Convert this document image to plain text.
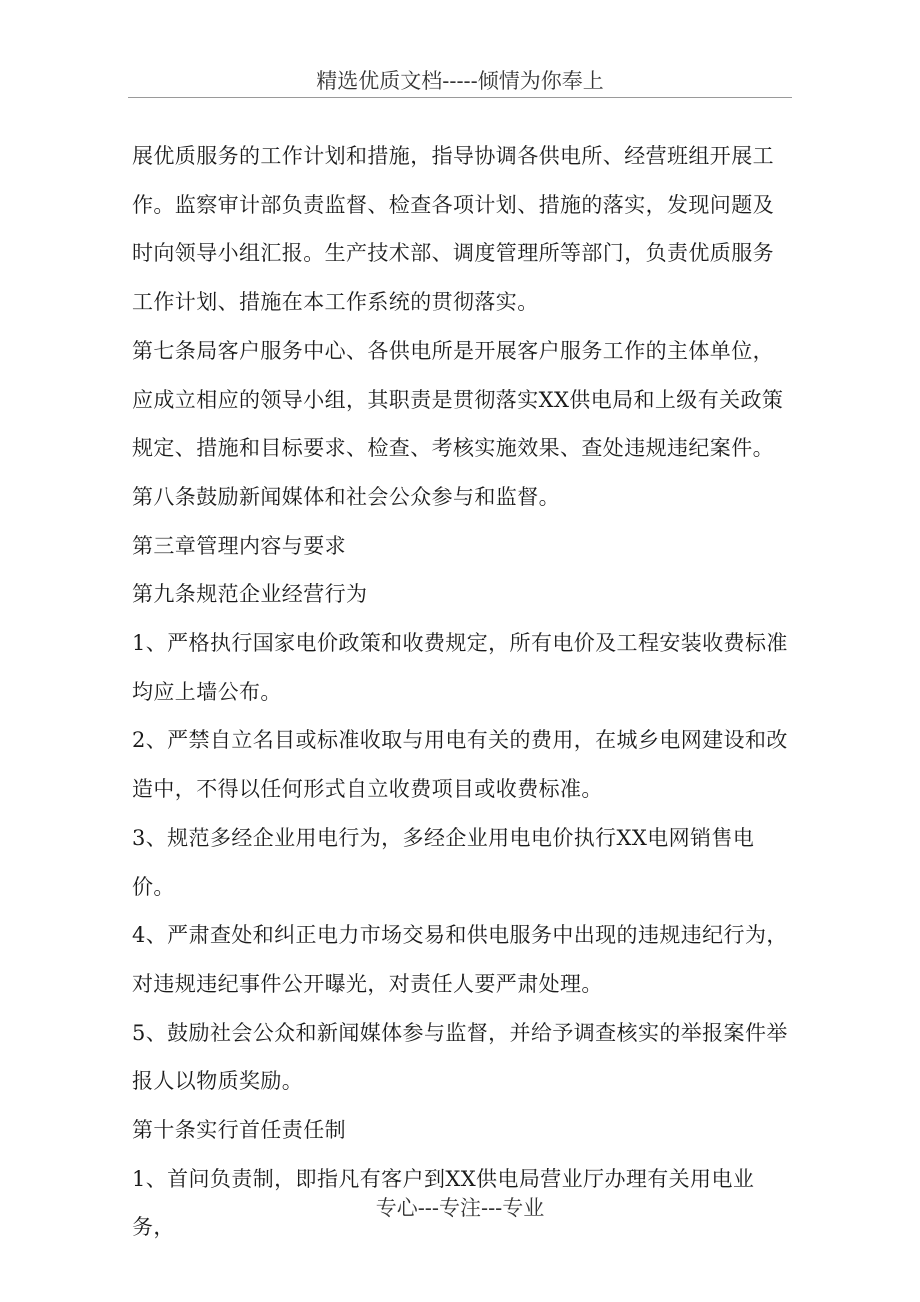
精选优质文档-----倾情为你奉上

展优质服务的工作计划和措施，指导协调各供电所、经营班组开展工作。监察审计部负责监督、检查各项计划、措施的落实，发现问题及时向领导小组汇报。生产技术部、调度管理所等部门，负责优质服务工作计划、措施在本工作系统的贯彻落实。

第七条局客户服务中心、各供电所是开展客户服务工作的主体单位，应成立相应的领导小组，其职责是贯彻落实XX供电局和上级有关政策规定、措施和目标要求、检查、考核实施效果、查处违规违纪案件。

第八条鼓励新闻媒体和社会公众参与和监督。

第三章管理内容与要求

第九条规范企业经营行为

1、严格执行国家电价政策和收费规定，所有电价及工程安装收费标准均应上墙公布。

2、严禁自立名目或标准收取与用电有关的费用，在城乡电网建设和改造中，不得以任何形式自立收费项目或收费标准。

3、规范多经企业用电行为，多经企业用电电价执行XX电网销售电价。

4、严肃查处和纠正电力市场交易和供电服务中出现的违规违纪行为，对违规违纪事件公开曝光，对责任人要严肃处理。

5、鼓励社会公众和新闻媒体参与监督，并给予调查核实的举报案件举报人以物质奖励。

第十条实行首任责任制

1、首问负责制，即指凡有客户到XX供电局营业厅办理有关用电业务，

专心---专注---专业
